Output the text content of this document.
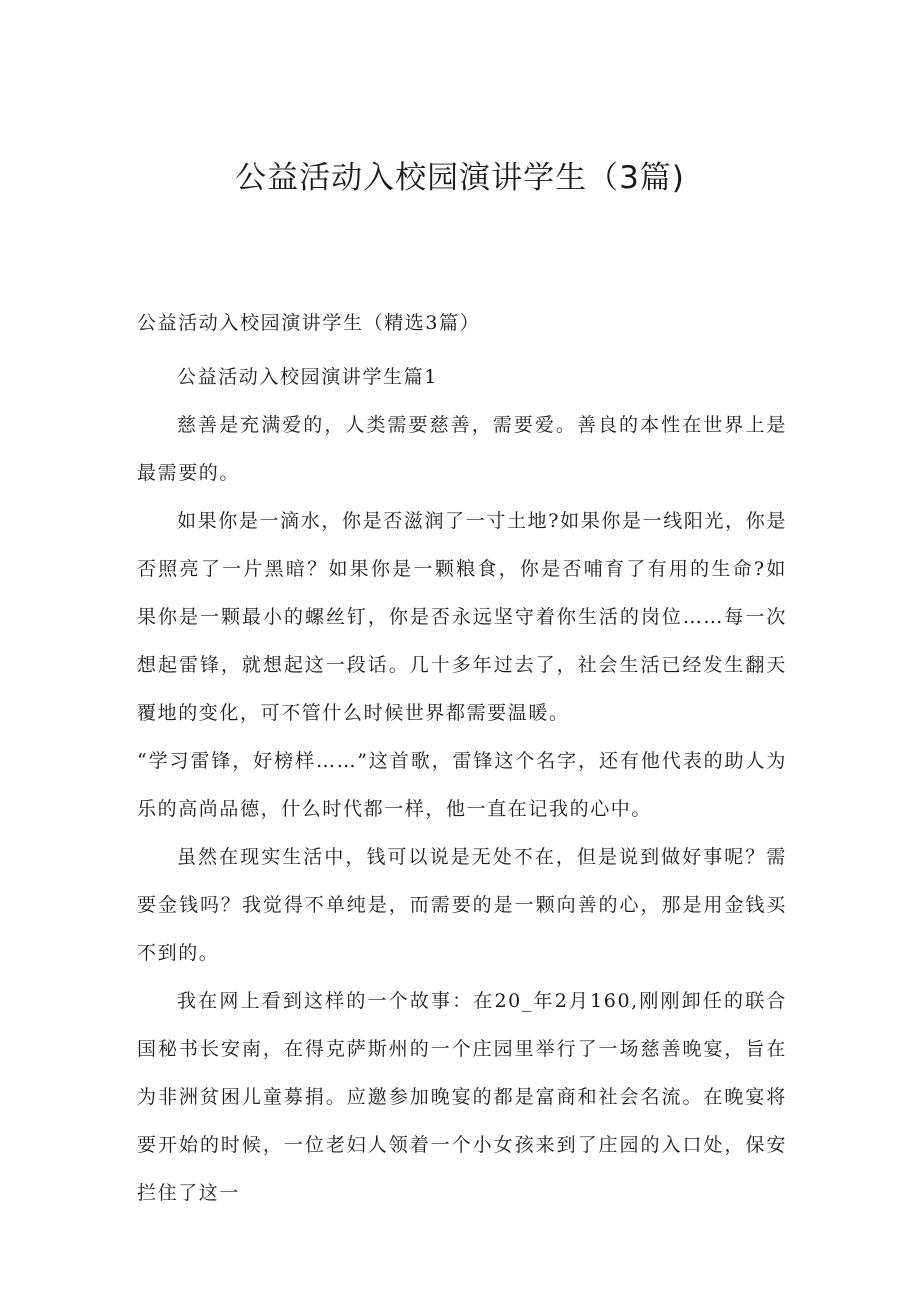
公益活动入校园演讲学生（3篇)

公益活动入校园演讲学生（精选3篇）

公益活动入校园演讲学生篇1

慈善是充满爱的，人类需要慈善，需要爱。善良的本性在世界上是最需要的。

如果你是一滴水，你是否滋润了一寸土地?如果你是一线阳光，你是否照亮了一片黑暗？如果你是一颗粮食，你是否哺育了有用的生命?如果你是一颗最小的螺丝钉，你是否永远坚守着你生活的岗位……每一次想起雷锋，就想起这一段话。几十多年过去了，社会生活已经发生翻天覆地的变化，可不管什么时候世界都需要温暖。

“学习雷锋，好榜样……”这首歌，雷锋这个名字，还有他代表的助人为乐的高尚品德，什么时代都一样，他一直在记我的心中。

虽然在现实生活中，钱可以说是无处不在，但是说到做好事呢？需要金钱吗？我觉得不单纯是，而需要的是一颗向善的心，那是用金钱买不到的。

我在网上看到这样的一个故事：在20_年2月160,刚刚卸任的联合国秘书长安南，在得克萨斯州的一个庄园里举行了一场慈善晚宴，旨在为非洲贫困儿童募捐。应邀参加晚宴的都是富商和社会名流。在晚宴将要开始的时候，一位老妇人领着一个小女孩来到了庄园的入口处，保安拦住了这一
